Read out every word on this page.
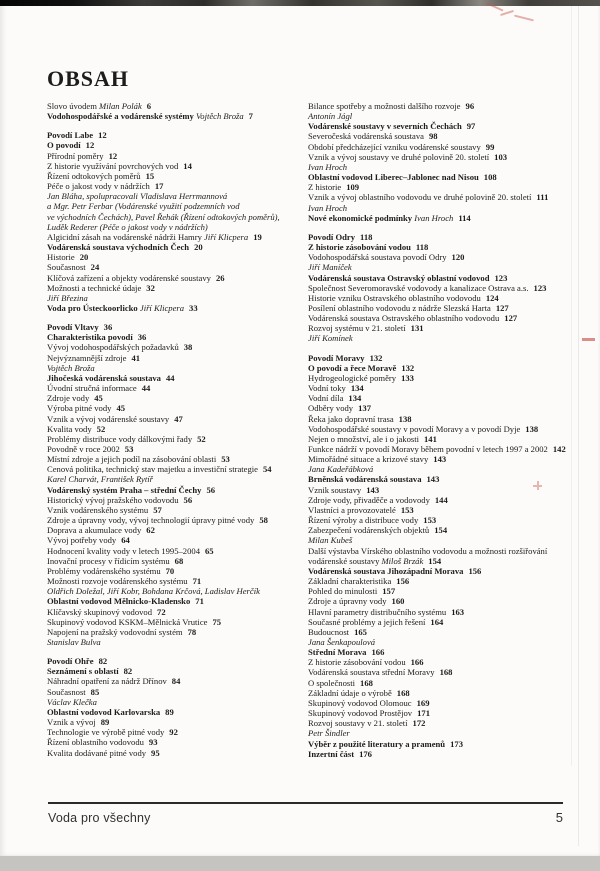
OBSAH
Slovo úvodem Milan Polák 6
Vodohospodářské a vodárenské systémy Vojtěch Broža 7
Povodí Labe 12
O povodí 12
Přírodní poměry 12
Z historie využívání povrchových vod 14
Řízení odtokových poměrů 15
Péče o jakost vody v nádržích 17
Jan Bláha, spolupracovali Vladislava Herrmannová
a Mgr. Petr Ferbar (Vodárenské využití podzemních vod
ve východních Čechách), Pavel Řehák (Řízení odtokových poměrů),
Luděk Rederer (Péče o jakost vody v nádržích)
Algicidní zásah na vodárenské nádrži Hamry Jiří Klicpera 19
Vodárenská soustava východních Čech 20
Historie 20
Současnost 24
Klíčová zařízení a objekty vodárenské soustavy 26
Možnosti a technické údaje 32
Jiří Březina
Voda pro Ústeckoorlicko Jiří Klicpera 33
Povodí Vltavy 36
Charakteristika povodí 36
Vývoj vodohospodářských požadavků 38
Nejvýznamnější zdroje 41
Vojtěch Broža
Jihočeská vodárenská soustava 44
Úvodní stručná informace 44
Zdroje vody 45
Výroba pitné vody 45
Vznik a vývoj vodárenské soustavy 47
Kvalita vody 52
Problémy distribuce vody dálkovými řady 52
Povodně v roce 2002 53
Místní zdroje a jejich podíl na zásobování oblasti 53
Cenová politika, technický stav majetku a investiční strategie 54
Karel Charvát, František Rytíř
Vodárenský systém Praha – střední Čechy 56
Historický vývoj pražského vodovodu 56
Vznik vodárenského systému 57
Zdroje a úpravny vody, vývoj technologií úpravy pitné vody 58
Doprava a akumulace vody 62
Vývoj potřeby vody 64
Hodnocení kvality vody v letech 1995–2004 65
Inovační procesy v řídicím systému 68
Problémy vodárenského systému 70
Možnosti rozvoje vodárenského systému 71
Oldřich Doležal, Jiří Kobr, Bohdana Krčová, Ladislav Herčík
Oblastní vodovod Mělnicko-Kladensko 71
Klíčavský skupinový vodovod 72
Skupinový vodovod KSKM–Mělnická Vrutice 75
Napojení na pražský vodovodní systém 78
Stanislav Bulva
Povodí Ohře 82
Seznámení s oblastí 82
Náhradní opatření za nádrž Dřínov 84
Současnost 85
Václav Klečka
Oblastní vodovod Karlovarska 89
Vznik a vývoj 89
Technologie ve výrobě pitné vody 92
Řízení oblastního vodovodu 93
Kvalita dodávané pitné vody 95
Bilance spotřeby a možnosti dalšího rozvoje 96
Antonín Jágl
Vodárenské soustavy v severních Čechách 97
Severočeská vodárenská soustava 98
Období předcházející vzniku vodárenské soustavy 99
Vznik a vývoj soustavy ve druhé polovině 20. století 103
Ivan Hroch
Oblastní vodovod Liberec–Jablonec nad Nisou 108
Z historie 109
Vznik a vývoj oblastního vodovodu ve druhé polovině 20. století 111
Ivan Hroch
Nové ekonomické podmínky Ivan Hroch 114
Povodí Odry 118
Z historie zásobování vodou 118
Vodohospodářská soustava povodí Odry 120
Jiří Maníček
Vodárenská soustava Ostravský oblastní vodovod 123
Společnost Severomoravské vodovody a kanalizace Ostrava a.s. 123
Historie vzniku Ostravského oblastního vodovodu 124
Posílení oblastního vodovodu z nádrže Slezská Harta 127
Vodárenská soustava Ostravského oblastního vodovodu 127
Rozvoj systému v 21. století 131
Jiří Komínek
Povodí Moravy 132
O povodí a řece Moravě 132
Hydrogeologické poměry 133
Vodní toky 134
Vodní díla 134
Odběry vody 137
Řeka jako dopravní trasa 138
Vodohospodářské soustavy v povodí Moravy a v povodí Dyje 138
Nejen o množství, ale i o jakosti 141
Funkce nádrží v povodí Moravy během povodní v letech 1997 a 2002 142
Mimořádné situace a krizové stavy 143
Jana Kadeřábková
Brněnská vodárenská soustava 143
Vznik soustavy 143
Zdroje vody, přivaděče a vodovody 144
Vlastníci a provozovatelé 153
Řízení výroby a distribuce vody 153
Zabezpečení vodárenských objektů 154
Milan Kubeš
Další výstavba Vírského oblastního vodovodu a možnosti rozšiřování
vodárenské soustavy Miloš Brzák 154
Vodárenská soustava Jihozápadní Morava 156
Základní charakteristika 156
Pohled do minulosti 157
Zdroje a úpravny vody 160
Hlavní parametry distribučního systému 163
Současné problémy a jejich řešení 164
Budoucnost 165
Jana Šenkapoulová
Střední Morava 166
Z historie zásobování vodou 166
Vodárenská soustava střední Moravy 168
O společnosti 168
Základní údaje o výrobě 168
Skupinový vodovod Olomouc 169
Skupinový vodovod Prostějov 171
Rozvoj soustavy v 21. století 172
Petr Šindler
Výběr z použité literatury a pramenů 173
Inzertní část 176
Voda pro všechny	5
